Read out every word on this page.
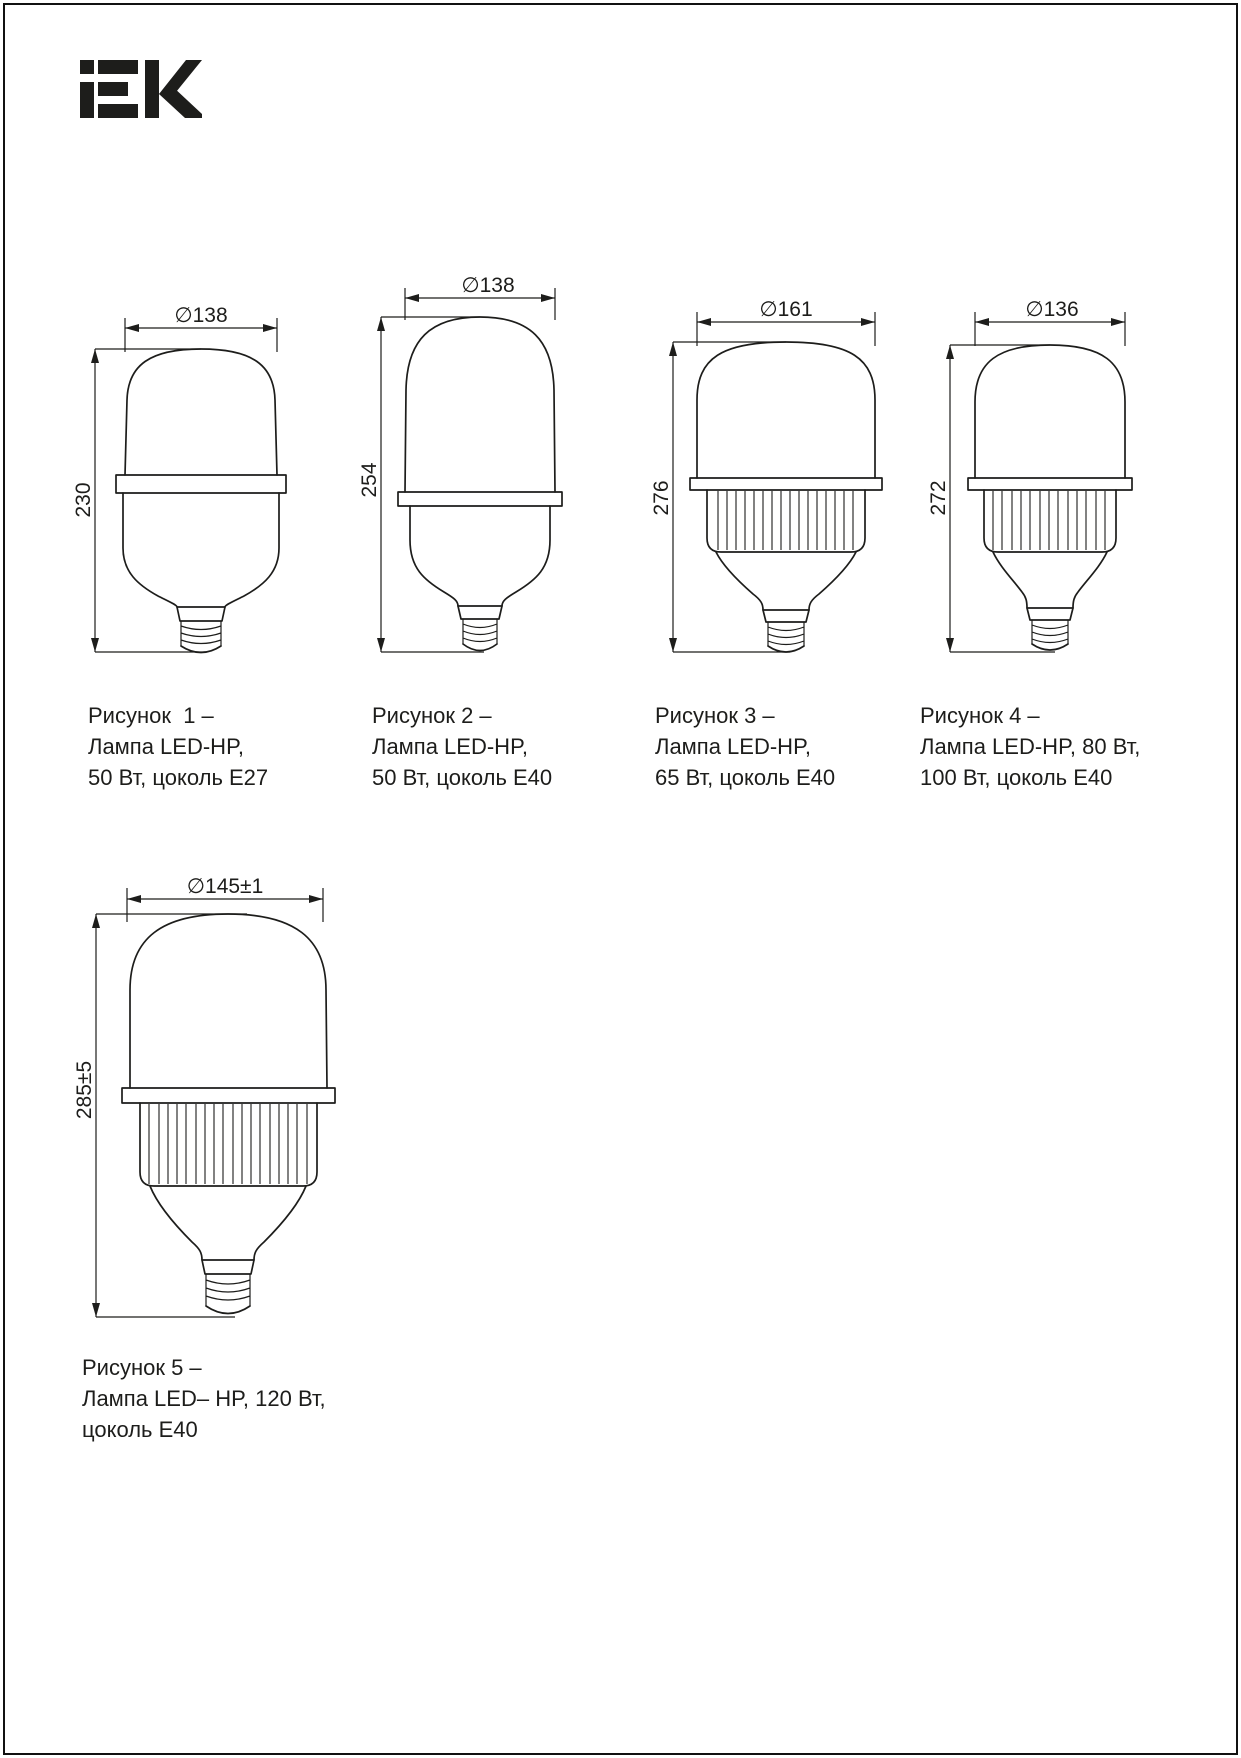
∅138
230
∅138
254
∅161
276
∅136
272
∅145±1
285±5
Рисунок  1 –
Лампа LED-HP,
50 Вт, цоколь Е27
Рисунок 2 –
Лампа LED-HP,
50 Вт, цоколь Е40
Рисунок 3 –
Лампа LED-HP,
65 Вт, цоколь Е40
Рисунок 4 –
Лампа LED-HP, 80 Вт,
100 Вт, цоколь Е40
Рисунок 5 –
Лампа LED– HP, 120 Вт,
цоколь Е40
